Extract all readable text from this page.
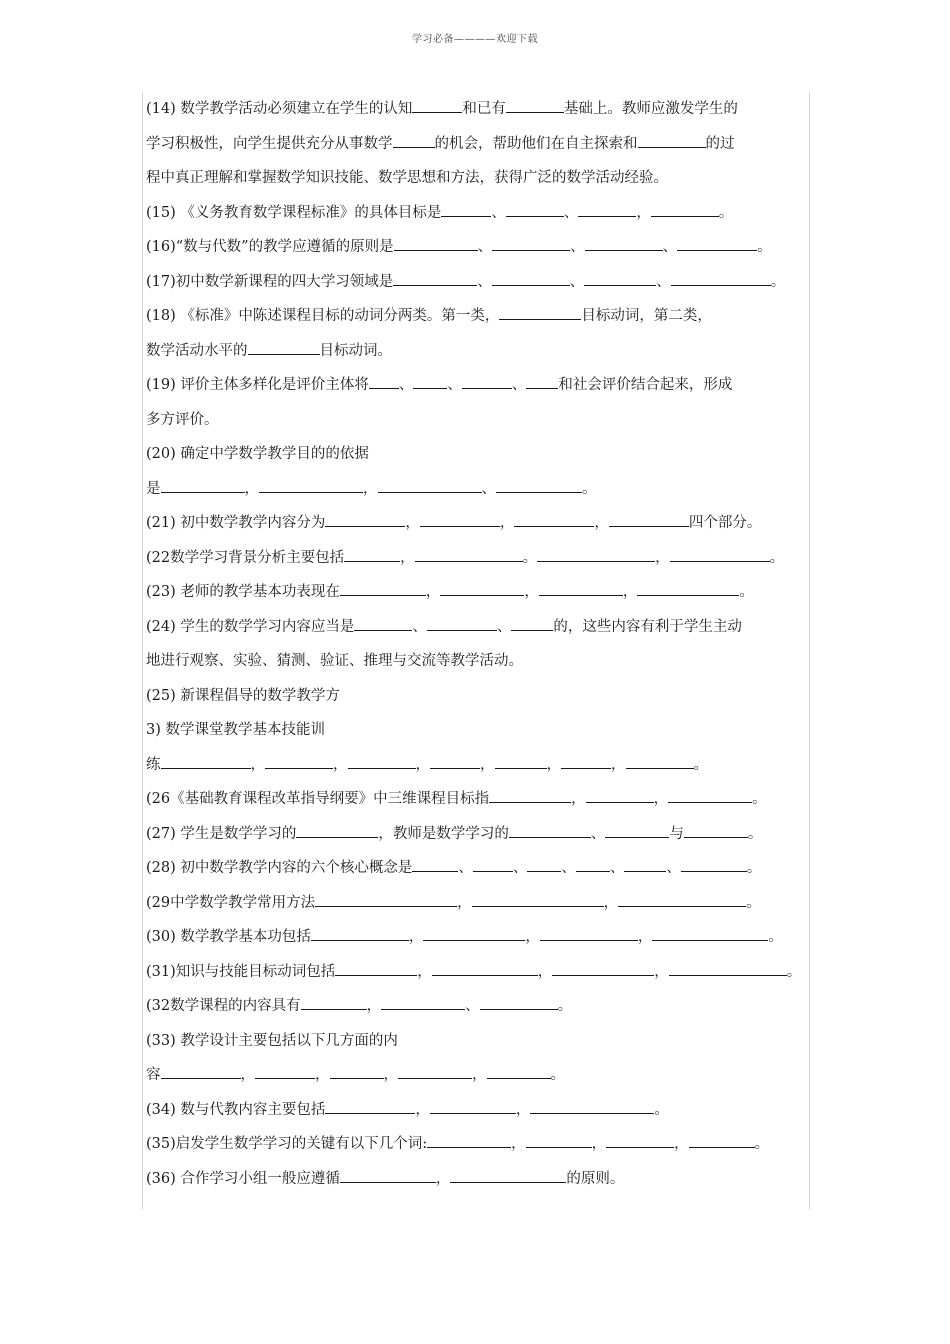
学习必备————欢迎下载
(14) 数学教学活动必须建立在学生的认知	和已有	基础上。教师应激发学生的
学习积极性，向学生提供充分从事数学	的机会，帮助他们在自主探索和	的过
程中真正理解和掌握数学知识技能、数学思想和方法，获得广泛的数学活动经验。
(15) 《义务教育数学课程标准》的具体目标是	、	、	，	。
(16)“数与代数”的教学应遵循的原则是	、	、	、	。
(17)初中数学新课程的四大学习领域是	、	、	、	。
(18) 《标准》中陈述课程目标的动词分两类。第一类，	目标动词，第二类，
数学活动水平的	目标动词。
(19) 评价主体多样化是评价主体将 、 、	、 和社会评价结合起来，形成
多方评价。
(20) 确定中学数学教学目的的依据
是	，	，	、	。
(21) 初中数学教学内容分为	，	，	，	四个部分。
(22数学学习背景分析主要包括	，	。	，	。
(23) 老师的教学基本功表现在	，	，	，	。
(24) 学生的数学学习内容应当是	、	、	的，这些内容有利于学生主动
地进行观察、实验、猜测、验证、推理与交流等教学活动。
(25) 新课程倡导的数学教学方
3) 数学课堂教学基本技能训
练	，	，	，	，	，	，	。
(26《基础教育课程改革指导纲要》中三维课程目标指	，	，	。
(27) 学生是数学学习的	，教师是数学学习的	、	与	。
(28) 初中数学教学内容的六个核心概念是	、	、 、 、	、	。
(29中学数学教学常用方法	，	，	。
(30) 数学教学基本功包括	，	，	，	。
(31)知识与技能目标动词包括	，	，	，	。
(32数学课程的内容具有	，	、	。
(33) 教学设计主要包括以下几方面的内
容	，	，	，	，	。
(34) 数与代教内容主要包括	，	，	。
(35)启发学生数学学习的关键有以下几个词:	，	，	，	。
(36) 合作学习小组一般应遵循	，	的原则。
